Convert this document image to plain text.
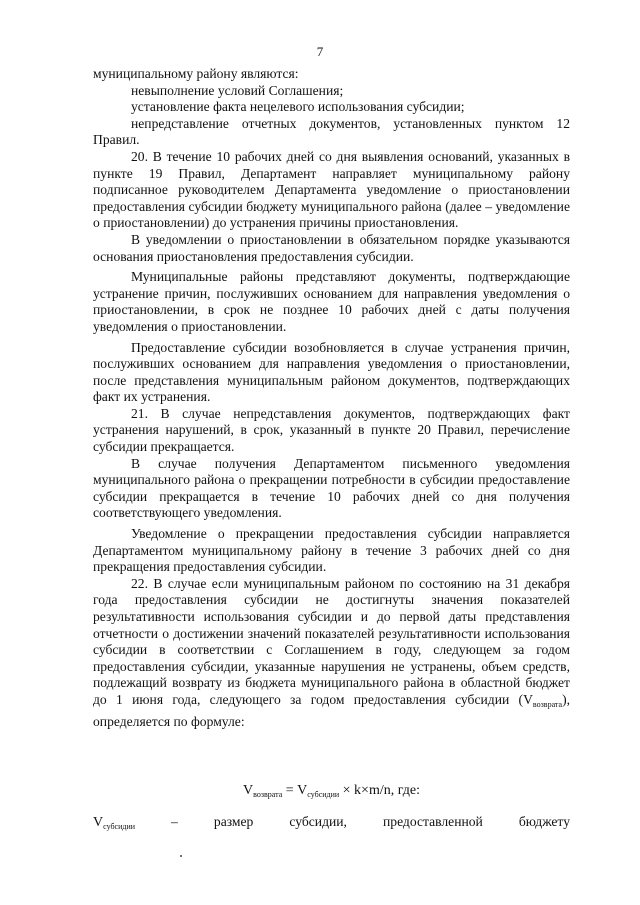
7

муниципальному району являются:

невыполнение условий Соглашения;

установление факта нецелевого использования субсидии;

непредставление отчетных документов, установленных пунктом 12 Правил.

20. В течение 10 рабочих дней со дня выявления оснований, указанных в пункте 19 Правил, Департамент направляет муниципальному району подписанное руководителем Департамента уведомление о приостановлении предоставления субсидии бюджету муниципального района (далее – уведомление о приостановлении) до устранения причины приостановления.

В уведомлении о приостановлении в обязательном порядке указываются основания приостановления предоставления субсидии.

Муниципальные районы представляют документы, подтверждающие устранение причин, послуживших основанием для направления уведомления о приостановлении, в срок не позднее 10 рабочих дней с даты получения уведомления о приостановлении.

Предоставление субсидии возобновляется в случае устранения причин, послуживших основанием для направления уведомления о приостановлении, после представления муниципальным районом документов, подтверждающих факт их устранения.

21. В случае непредставления документов, подтверждающих факт устранения нарушений, в срок, указанный в пункте 20 Правил, перечисление субсидии прекращается.

В случае получения Департаментом письменного уведомления муниципального района о прекращении потребности в субсидии предоставление субсидии прекращается в течение 10 рабочих дней со дня получения соответствующего уведомления.

Уведомление о прекращении предоставления субсидии направляется Департаментом муниципальному району в течение 3 рабочих дней со дня прекращения предоставления субсидии.

22. В случае если муниципальным районом по состоянию на 31 декабря года предоставления субсидии не достигнуты значения показателей результативности использования субсидии и до первой даты представления отчетности о достижении значений показателей результативности использования субсидии в соответствии с Соглашением в году, следующем за годом предоставления субсидии, указанные нарушения не устранены, объем средств, подлежащий возврату из бюджета муниципального района в областной бюджет до 1 июня года, следующего за годом предоставления субсидии $(V_{возврата})$, определяется по формуле:

$V_{возврата} = V_{субсидии} \times k\times m/n$, где:
$V_{субсидии}$	–	размер	субсидии,	предоставленной	бюджету
